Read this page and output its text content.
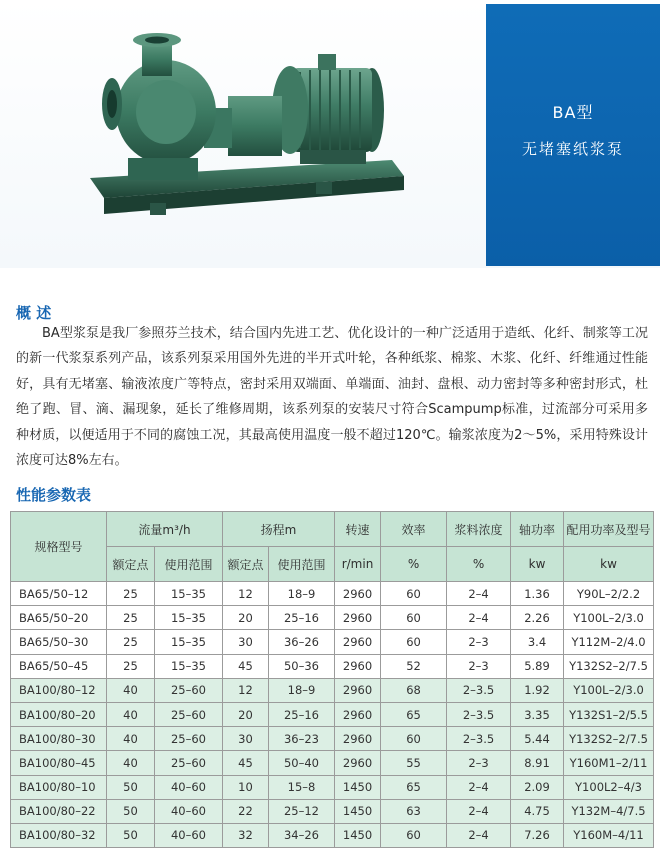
BA型
无堵塞纸浆泵
概 述

BA型浆泵是我厂参照芬兰技术，结合国内先进工艺、优化设计的一种广泛适用于造纸、化纤、制浆等工况的新一代浆泵系列产品，该系列泵采用国外先进的半开式叶轮，各种纸浆、棉浆、木浆、化纤、纤维通过性能好，具有无堵塞、输液浓度广等特点，密封采用双端面、单端面、油封、盘根、动力密封等多种密封形式，杜绝了跑、冒、滴、漏现象，延长了维修周期，该系列泵的安装尺寸符合Scampump标准，过流部分可采用多种材质，以便适用于不同的腐蚀工况，其最高使用温度一般不超过120℃。输浆浓度为2～5%，采用特殊设计浓度可达8%左右。

性能参数表
规格型号	流量m³/h		扬程m		转速	效率	浆料浓度	轴功率	配用功率及型号
	额定点	使用范围	额定点	使用范围	r/min	%	%	kw	kw
BA65/50–12	25	15–35	12	18–9	2960	60	2–4	1.36	Y90L–2/2.2
BA65/50–20	25	15–35	20	25–16	2960	60	2–4	2.26	Y100L–2/3.0
BA65/50–30	25	15–35	30	36–26	2960	60	2–3	3.4	Y112M–2/4.0
BA65/50–45	25	15–35	45	50–36	2960	52	2–3	5.89	Y132S2–2/7.5
BA100/80–12	40	25–60	12	18–9	2960	68	2–3.5	1.92	Y100L–2/3.0
BA100/80–20	40	25–60	20	25–16	2960	65	2–3.5	3.35	Y132S1–2/5.5
BA100/80–30	40	25–60	30	36–23	2960	60	2–3.5	5.44	Y132S2–2/7.5
BA100/80–45	40	25–60	45	50–40	2960	55	2–3	8.91	Y160M1–2/11
BA100/80–10	50	40–60	10	15–8	1450	65	2–4	2.09	Y100L2–4/3
BA100/80–22	50	40–60	22	25–12	1450	63	2–4	4.75	Y132M–4/7.5
BA100/80–32	50	40–60	32	34–26	1450	60	2–4	7.26	Y160M–4/11
